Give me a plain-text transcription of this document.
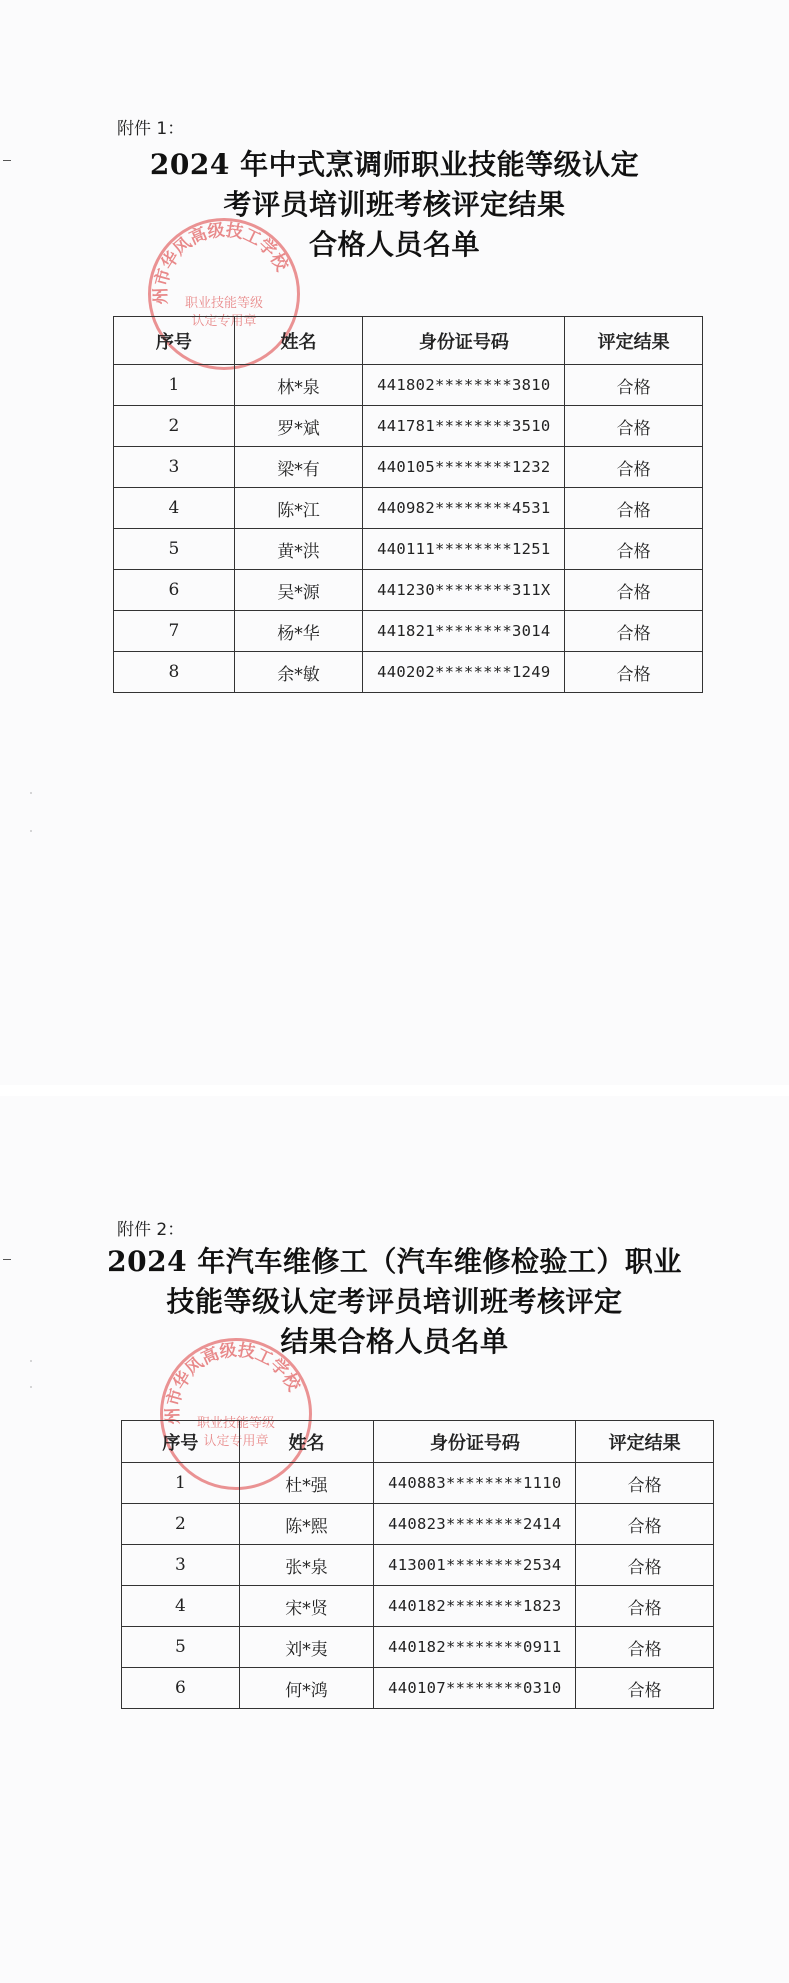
附件 1：
2024 年中式烹调师职业技能等级认定
考评员培训班考核评定结果
合格人员名单
州市华风高级技工学校
职业技能等级
认定专用章
序号	姓名	身份证号码	评定结果
1	林*泉	441802********3810	合格
2	罗*斌	441781********3510	合格
3	梁*有	440105********1232	合格
4	陈*江	440982********4531	合格
5	黄*洪	440111********1251	合格
6	吴*源	441230********311X	合格
7	杨*华	441821********3014	合格
8	余*敏	440202********1249	合格
附件 2：
2024 年汽车维修工（汽车维修检验工）职业
技能等级认定考评员培训班考核评定
结果合格人员名单
州市华风高级技工学校
职业技能等级
认定专用章
序号	姓名	身份证号码	评定结果
1	杜*强	440883********1110	合格
2	陈*熙	440823********2414	合格
3	张*泉	413001********2534	合格
4	宋*贤	440182********1823	合格
5	刘*夷	440182********0911	合格
6	何*鸿	440107********0310	合格
